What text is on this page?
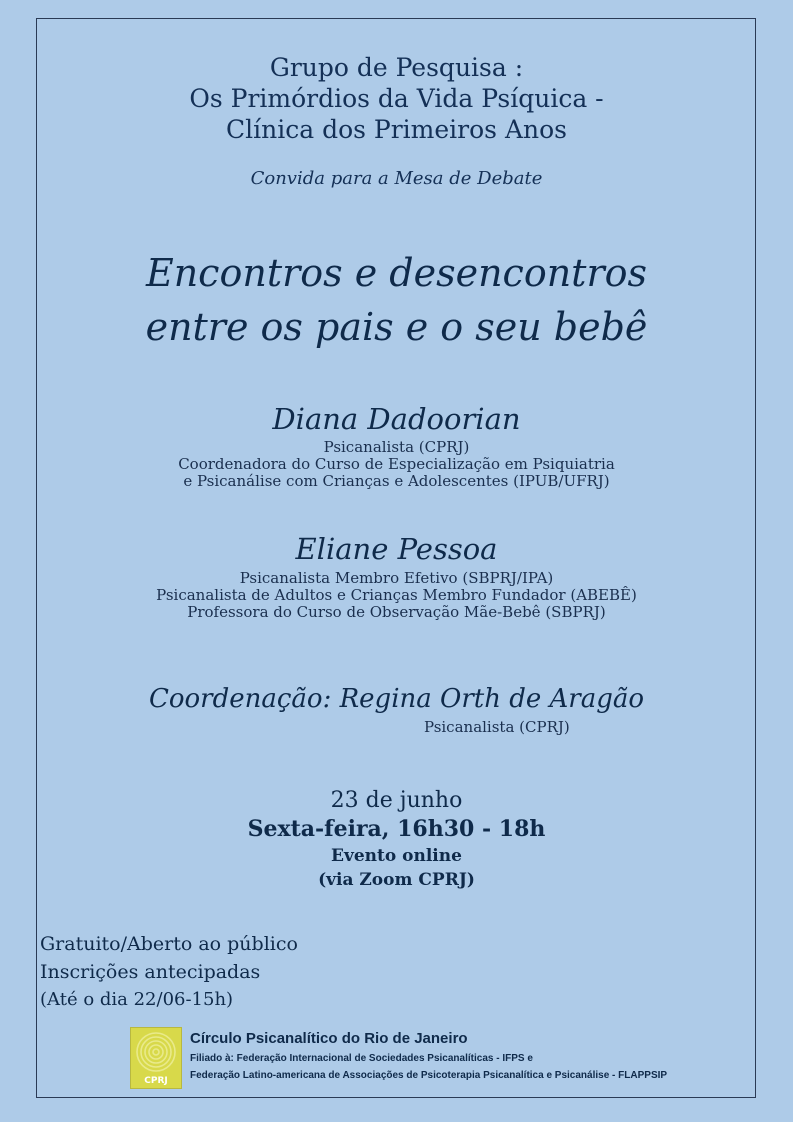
Grupo de Pesquisa :
Os Primórdios da Vida Psíquica -
Clínica dos Primeiros Anos
Convida para a Mesa de Debate
Encontros e desencontros
entre os pais e o seu bebê
Diana Dadoorian
Psicanalista (CPRJ)
Coordenadora do Curso de Especialização em Psiquiatria
e Psicanálise com Crianças e Adolescentes (IPUB/UFRJ)
Eliane Pessoa
Psicanalista Membro Efetivo (SBPRJ/IPA)
Psicanalista de Adultos e Crianças Membro Fundador (ABEBÊ)
Professora do Curso de Observação Mãe-Bebê (SBPRJ)
Coordenação: Regina Orth de Aragão
Psicanalista (CPRJ)
23 de junho
Sexta-feira, 16h30 - 18h
Evento online
(via Zoom CPRJ)
Gratuito/Aberto ao público
Inscrições antecipadas
(Até o dia 22/06-15h)
CPRJ
Círculo Psicanalítico do Rio de Janeiro
Filiado à: Federação Internacional de Sociedades Psicanalíticas - IFPS e
Federação Latino-americana de Associações de Psicoterapia Psicanalítica e Psicanálise - FLAPPSIP
